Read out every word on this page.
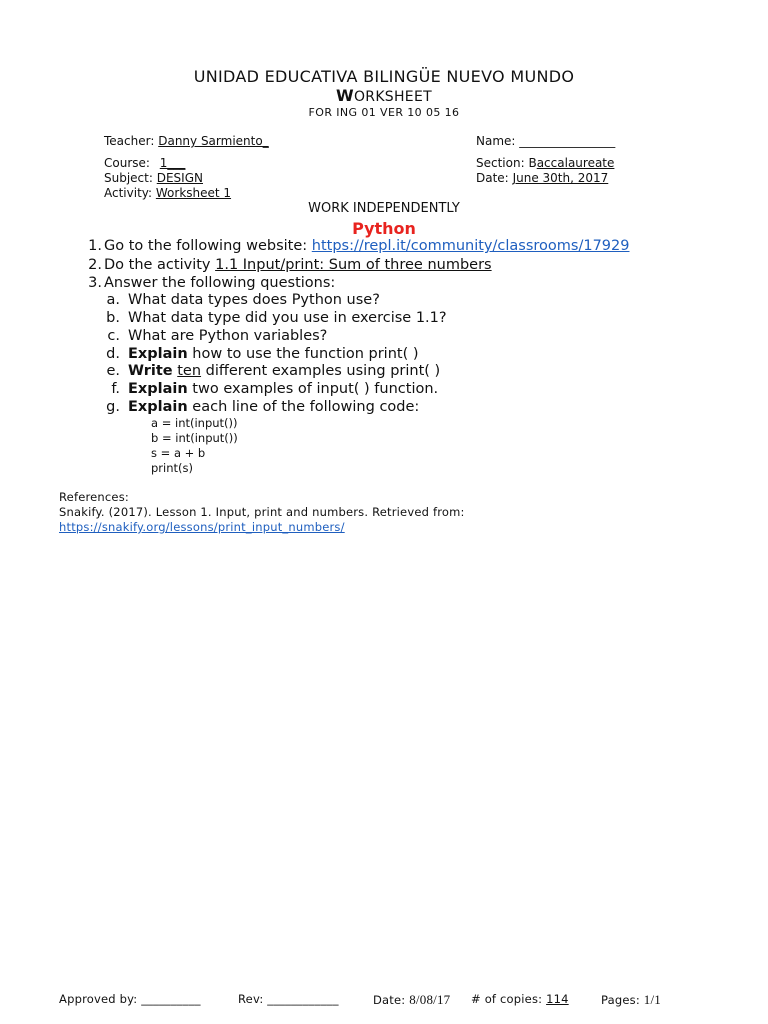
UNIDAD EDUCATIVA BILINGÜE NUEVO MUNDO
WORKSHEET
FOR ING 01 VER 10 05 16
Teacher: Danny Sarmiento_	Name: ________________
Course: 1___	Section: Baccalaureate
Subject: DESIGN	Date: June 30th, 2017
Activity: Worksheet 1
WORK INDEPENDENTLY
Python
1. Go to the following website: https://repl.it/community/classrooms/17929
2. Do the activity 1.1 Input/print: Sum of three numbers
3. Answer the following questions:
a. What data types does Python use?
b. What data type did you use in exercise 1.1?
c. What are Python variables?
d. Explain how to use the function print( )
e. Write ten different examples using print( )
f. Explain two examples of input( ) function.
g. Explain each line of the following code:
a = int(input())
b = int(input())
s = a + b
print(s)
References:
Snakify. (2017). Lesson 1. Input, print and numbers. Retrieved from:
https://snakify.org/lessons/print_input_numbers/
Approved by: __________	Rev: ____________	Date: 8/08/17 # of copies: 114	Pages: 1/1
